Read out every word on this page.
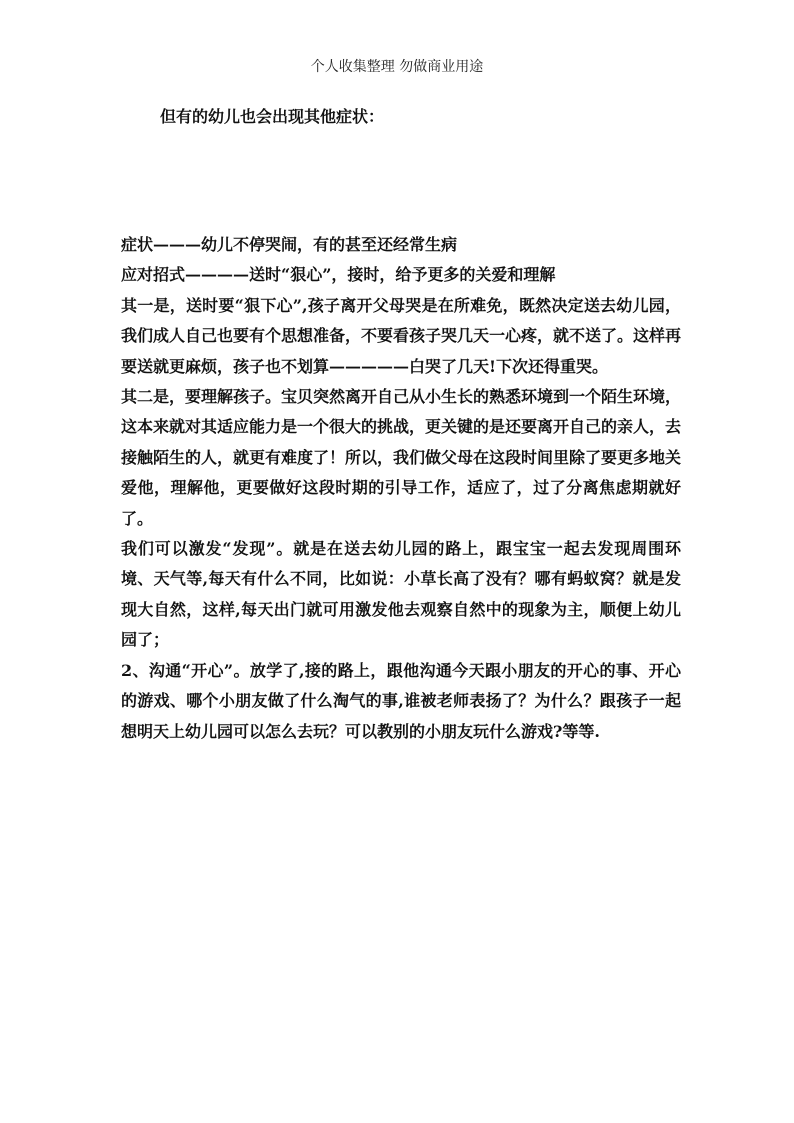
个人收集整理 勿做商业用途
但有的幼儿也会出现其他症状：

症状———幼儿不停哭闹，有的甚至还经常生病

应对招式————送时“狠心”，接时，给予更多的关爱和理解

其一是，送时要“狠下心”,孩子离开父母哭是在所难免，既然决定送去幼儿园，我们成人自己也要有个思想准备，不要看孩子哭几天一心疼，就不送了。这样再要送就更麻烦，孩子也不划算—————白哭了几天!下次还得重哭。

其二是，要理解孩子。宝贝突然离开自己从小生长的熟悉环境到一个陌生环境，这本来就对其适应能力是一个很大的挑战，更关键的是还要离开自己的亲人，去接触陌生的人，就更有难度了！所以，我们做父母在这段时间里除了要更多地关爱他，理解他，更要做好这段时期的引导工作，适应了，过了分离焦虑期就好了。

我们可以激发“发现”。就是在送去幼儿园的路上，跟宝宝一起去发现周围环境、天气等,每天有什么不同，比如说：小草长高了没有？哪有蚂蚁窝？就是发现大自然，这样,每天出门就可用激发他去观察自然中的现象为主，顺便上幼儿园了；

2、沟通“开心”。放学了,接的路上，跟他沟通今天跟小朋友的开心的事、开心的游戏、哪个小朋友做了什么淘气的事,谁被老师表扬了？为什么？跟孩子一起想明天上幼儿园可以怎么去玩？可以教别的小朋友玩什么游戏?等等.
